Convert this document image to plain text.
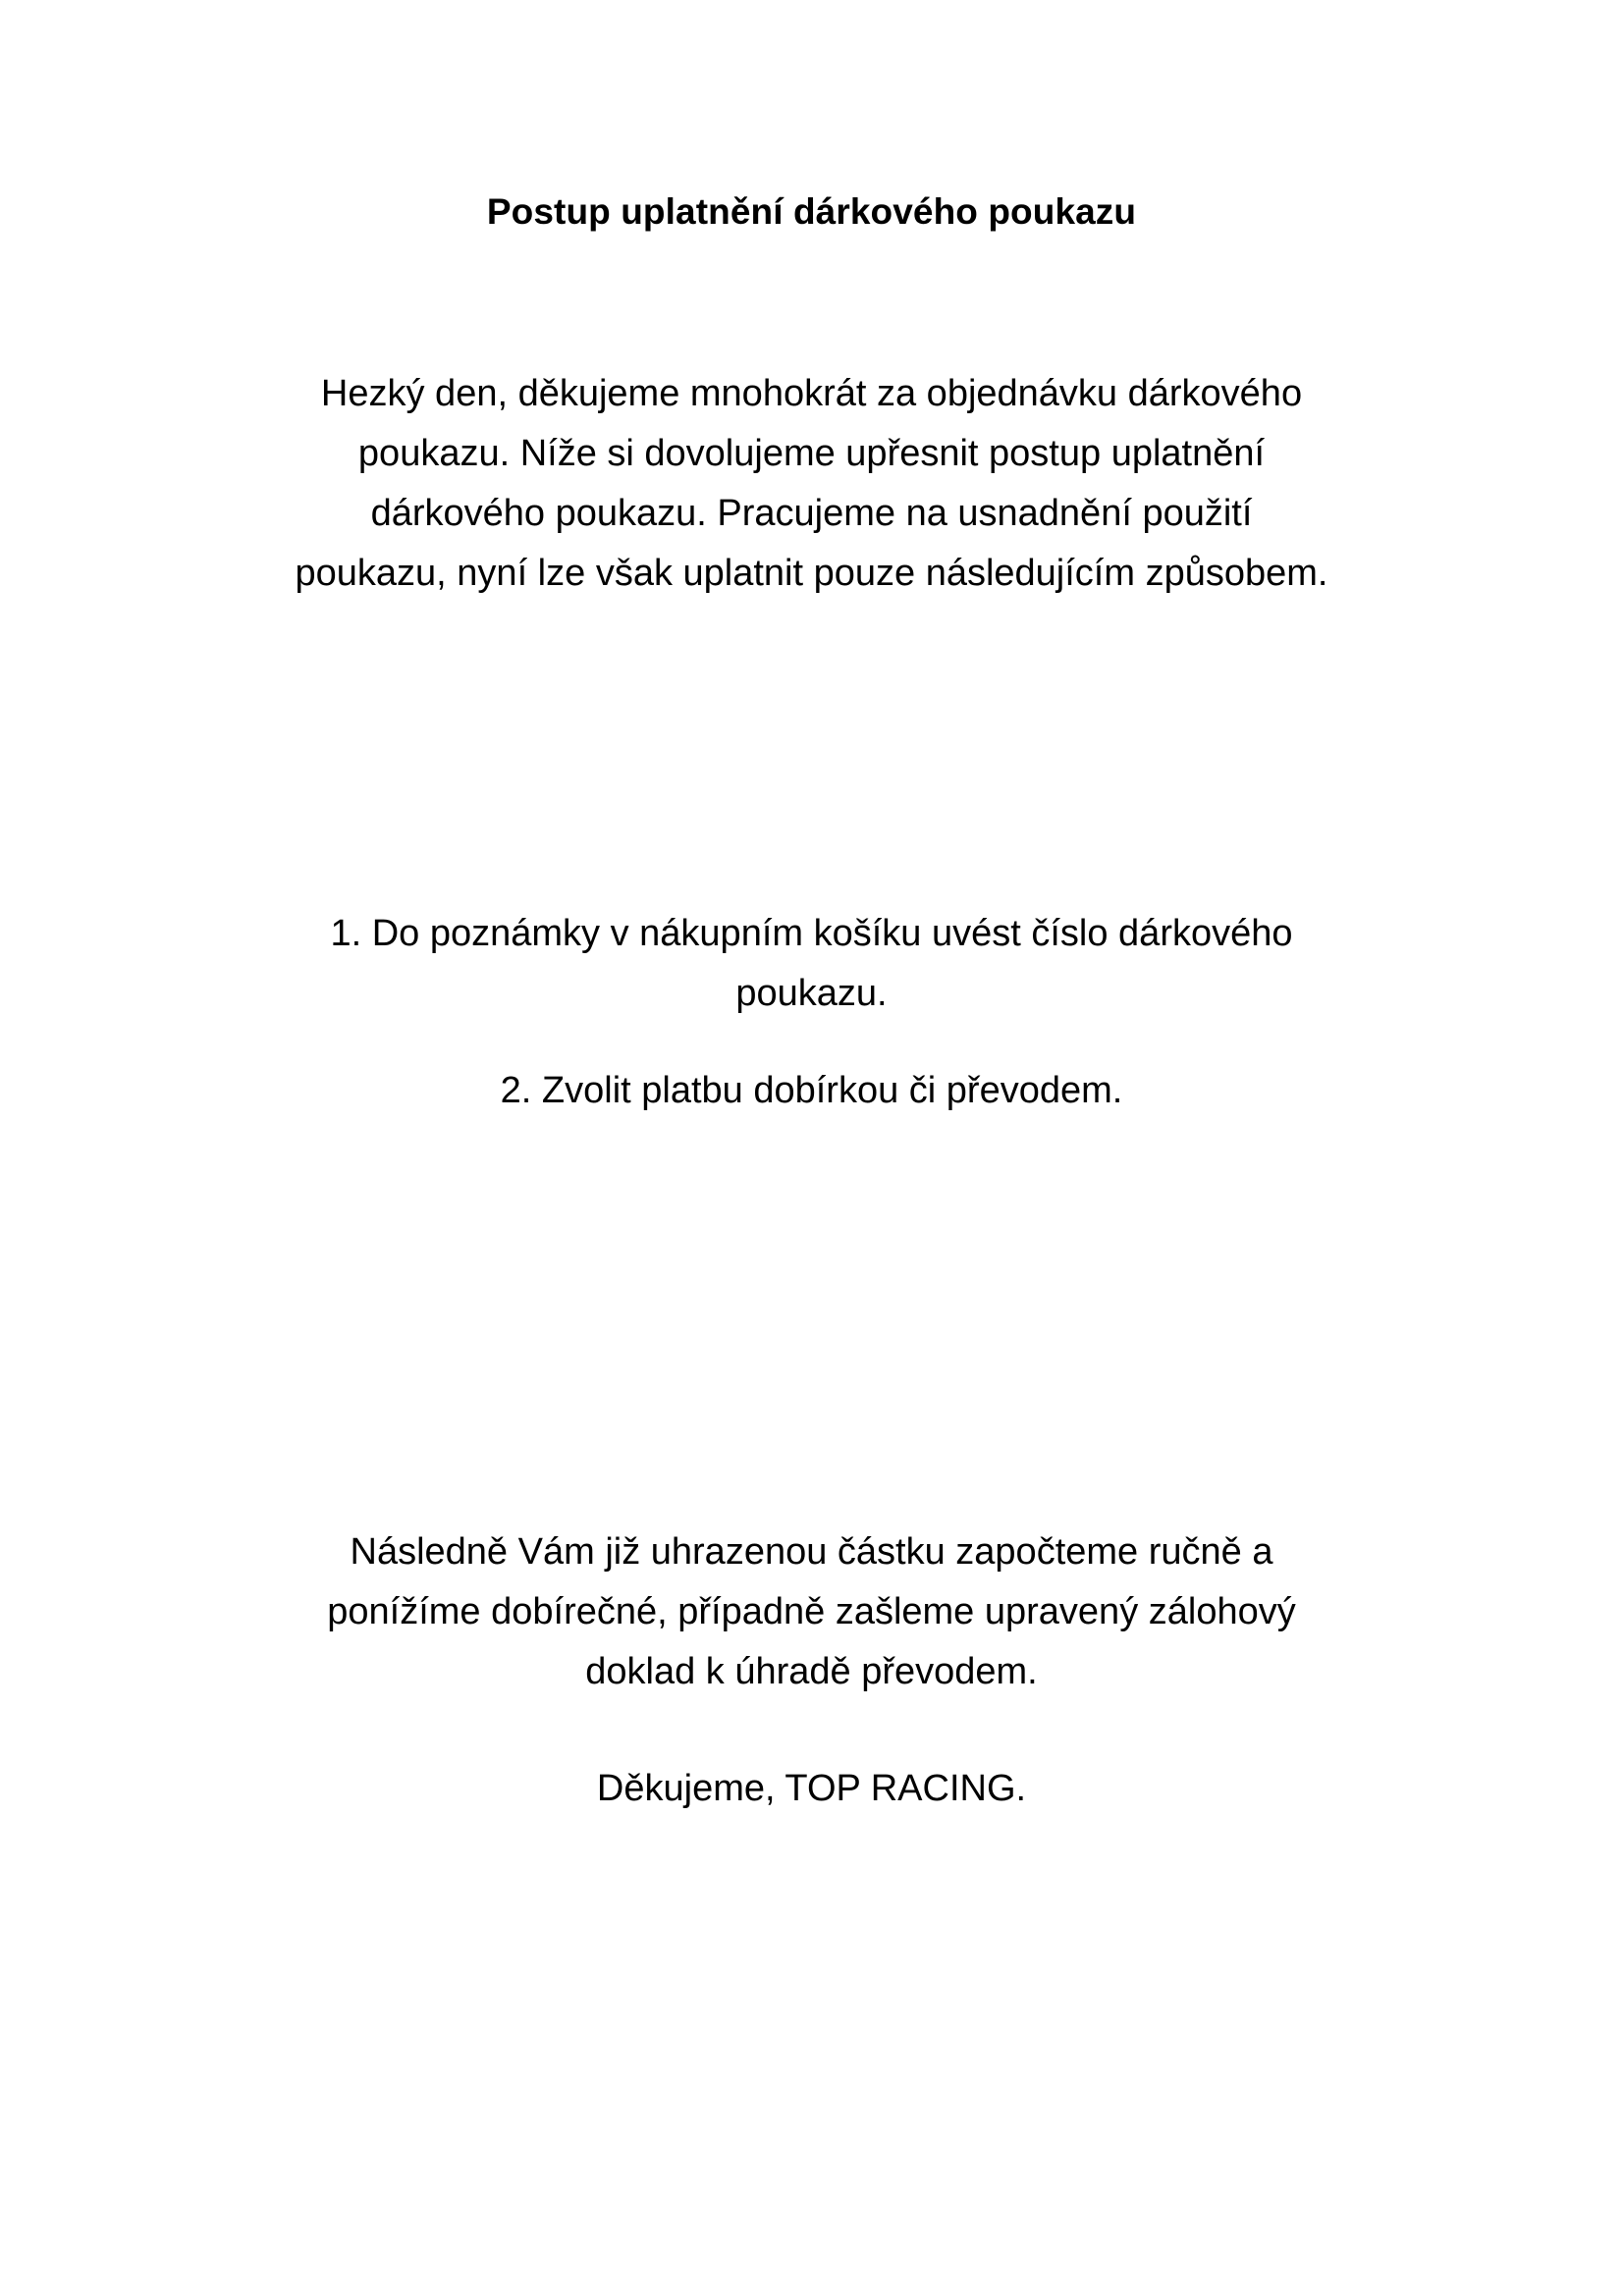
Postup uplatnění dárkového poukazu
Hezký den, děkujeme mnohokrát za objednávku dárkového
poukazu. Níže si dovolujeme upřesnit postup uplatnění
dárkového poukazu. Pracujeme na usnadnění použití
poukazu, nyní lze však uplatnit pouze následujícím způsobem.
1. Do poznámky v nákupním košíku uvést číslo dárkového
poukazu.
2. Zvolit platbu dobírkou či převodem.
Následně Vám již uhrazenou částku započteme ručně a
ponížíme dobírečné, případně zašleme upravený zálohový
doklad k úhradě převodem.
Děkujeme, TOP RACING.
